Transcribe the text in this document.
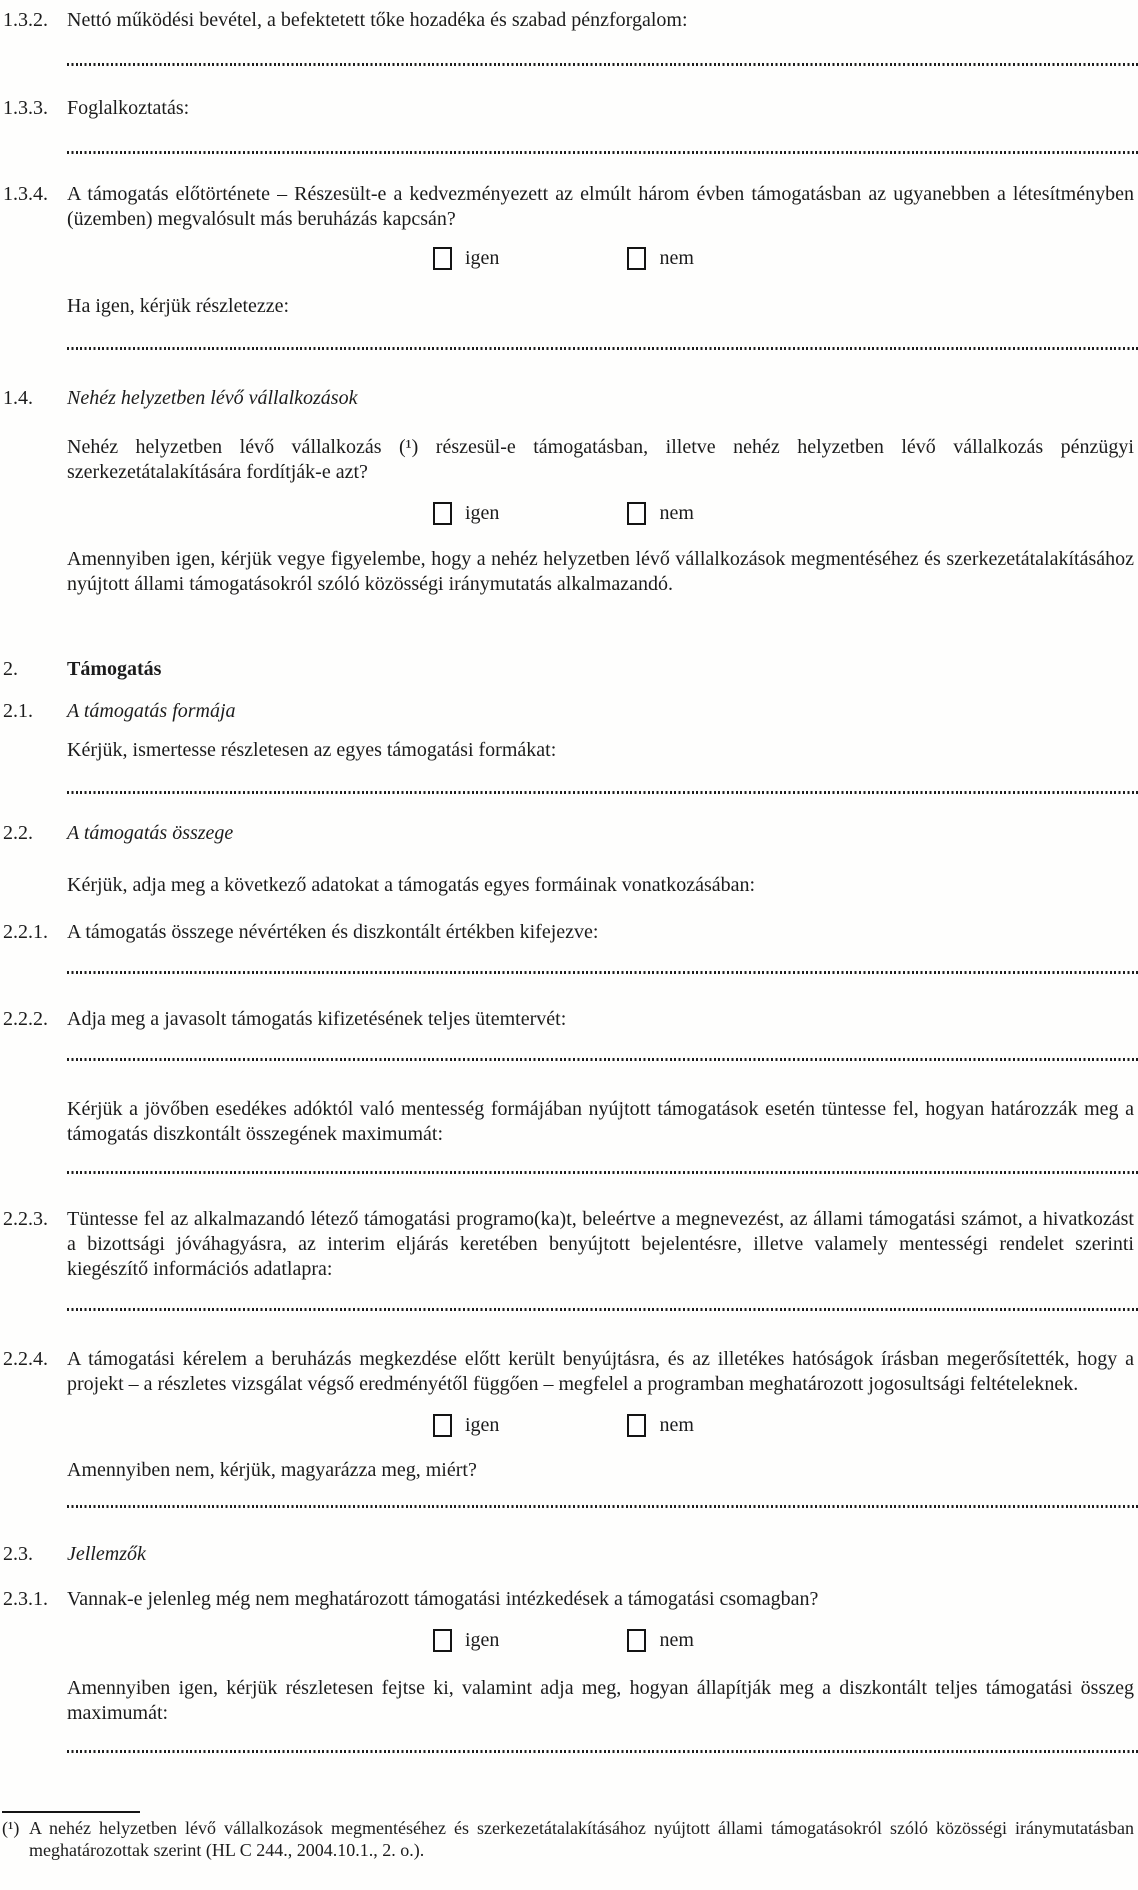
1.3.2. Nettó működési bevétel, a befektetett tőke hozadéka és szabad pénzforgalom:
1.3.3. Foglalkoztatás:
1.3.4. A támogatás előtörténete – Részesült-e a kedvezményezett az elmúlt három évben támogatásban az ugyanebben a létesítményben (üzemben) megvalósult más beruházás kapcsán?
igen	nem
Ha igen, kérjük részletezze:
1.4.	Nehéz helyzetben lévő vállalkozások
Nehéz helyzetben lévő vállalkozás (¹) részesül-e támogatásban, illetve nehéz helyzetben lévő vállalkozás pénzügyi szerkezetátalakítására fordítják-e azt?
igen	nem
Amennyiben igen, kérjük vegye figyelembe, hogy a nehéz helyzetben lévő vállalkozások megmentéséhez és szerkezetátalakításához nyújtott állami támogatásokról szóló közösségi iránymutatás alkalmazandó.
2.	Támogatás
2.1.	A támogatás formája
Kérjük, ismertesse részletesen az egyes támogatási formákat:
2.2.	A támogatás összege
Kérjük, adja meg a következő adatokat a támogatás egyes formáinak vonatkozásában:
2.2.1. A támogatás összege névértéken és diszkontált értékben kifejezve:
2.2.2. Adja meg a javasolt támogatás kifizetésének teljes ütemtervét:
Kérjük a jövőben esedékes adóktól való mentesség formájában nyújtott támogatások esetén tüntesse fel, hogyan határozzák meg a támogatás diszkontált összegének maximumát:
2.2.3. Tüntesse fel az alkalmazandó létező támogatási programo(ka)t, beleértve a megnevezést, az állami támogatási számot, a hivatkozást a bizottsági jóváhagyásra, az interim eljárás keretében benyújtott bejelentésre, illetve valamely mentességi rendelet szerinti kiegészítő információs adatlapra:
2.2.4. A támogatási kérelem a beruházás megkezdése előtt került benyújtásra, és az illetékes hatóságok írásban megerősítették, hogy a projekt – a részletes vizsgálat végső eredményétől függően – megfelel a programban meghatározott jogosultsági feltételeknek.
igen	nem
Amennyiben nem, kérjük, magyarázza meg, miért?
2.3.	Jellemzők
2.3.1. Vannak-e jelenleg még nem meghatározott támogatási intézkedések a támogatási csomagban?
igen	nem
Amennyiben igen, kérjük részletesen fejtse ki, valamint adja meg, hogyan állapítják meg a diszkontált teljes támogatási összeg maximumát:
(¹) A nehéz helyzetben lévő vállalkozások megmentéséhez és szerkezetátalakításához nyújtott állami támogatásokról szóló közösségi iránymutatásban meghatározottak szerint (HL C 244., 2004.10.1., 2. o.).
